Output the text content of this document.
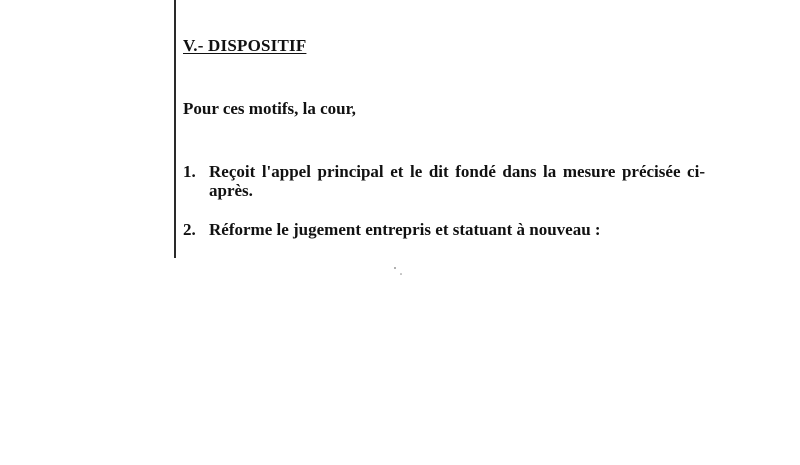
V.- DISPOSITIF
Pour ces motifs, la cour,
1. Reçoit l'appel principal et le dit fondé dans la mesure précisée ci-après.
2. Réforme le jugement entrepris et statuant à nouveau :
